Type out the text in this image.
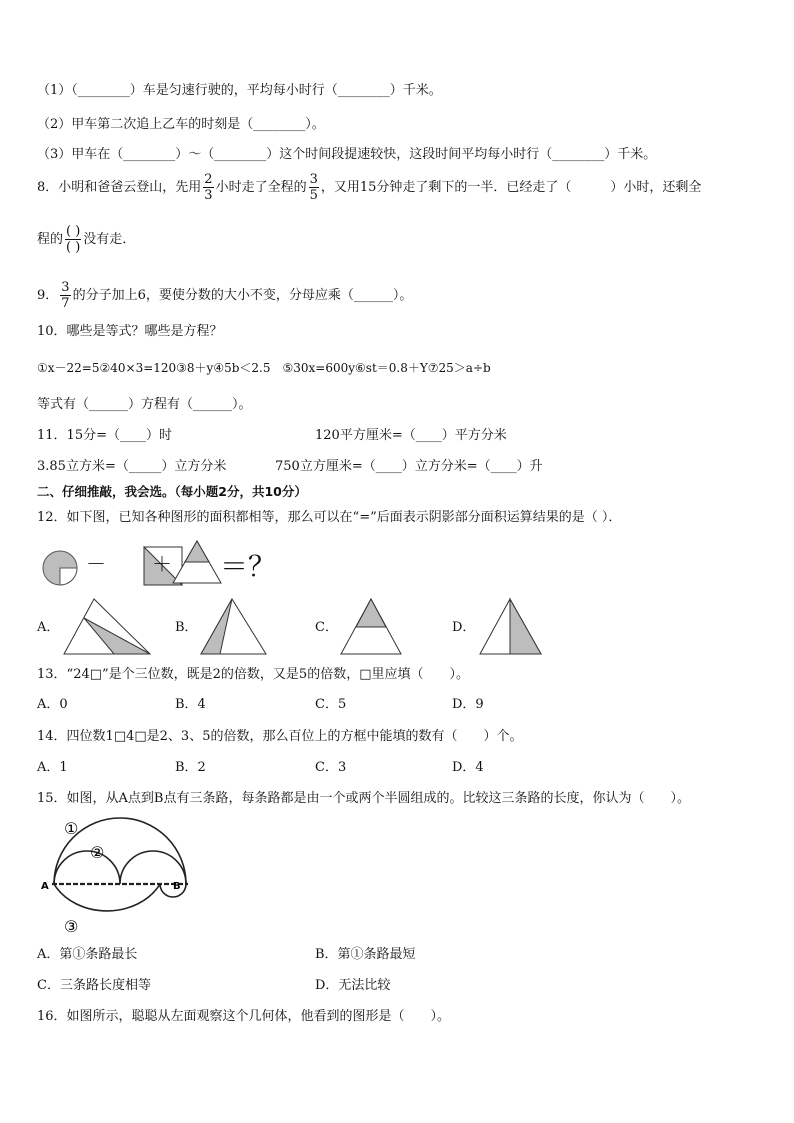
（1）（________）车是匀速行驶的，平均每小时行（________）千米。
（2）甲车第二次追上乙车的时刻是（________）。
（3）甲车在（________）～（________）这个时间段提速较快，这段时间平均每小时行（________）千米。
8．小明和爸爸云登山，先用 $\frac{2}{3}$ 小时走了全程的 $\frac{3}{5}$ ，又用15分钟走了剩下的一半．已经走了（　　　）小时，还剩全
程的 $\frac{( )}{( )}$ 没有走．
9． $\frac{3}{7}$ 的分子加上6，要使分数的大小不变，分母应乘（______）。
10．哪些是等式？哪些是方程？
①x－22=5②40×3=120③8＋y④5b＜2.5　⑤30x=600y⑥st＝0.8＋Y⑦25＞a÷b
等式有（______）方程有（______）。
11．15分=（____）时	120平方厘米=（____）平方分米
3.85立方米=（_____）立方分米	750立方厘米=（____）立方分米=（____）升
二、仔细推敲，我会选。（每小题2分，共10分）
12．如下图，已知各种图形的面积都相等，那么可以在“=”后面表示阴影部分面积运算结果的是（ ）．
－ ＋ ＝？
A．	B．	C．	D．
13．“24□”是个三位数，既是2的倍数，又是5的倍数，□里应填（　　）。
A．0	B．4	C．5	D．9
14．四位数1□4□是2、3、5的倍数，那么百位上的方框中能填的数有（　　）个。
A．1	B．2	C．3	D．4
15．如图，从A点到B点有三条路，每条路都是由一个或两个半圆组成的。比较这三条路的长度，你认为（　　）。
A	B
①
②
③
A．第①条路最长	B．第①条路最短
C．三条路长度相等	D．无法比较
16．如图所示，聪聪从左面观察这个几何体，他看到的图形是（　　）。
